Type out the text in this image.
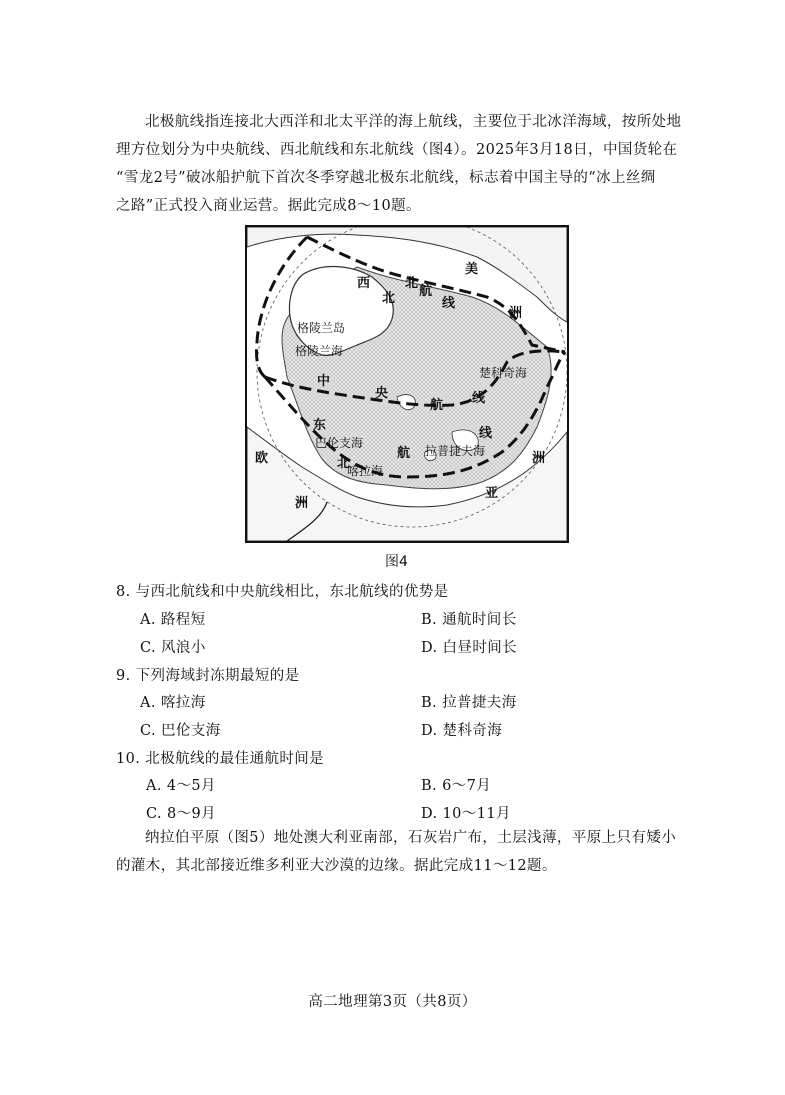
北极航线指连接北大西洋和北太平洋的海上航线，主要位于北冰洋海域，按所处地
理方位划分为中央航线、西北航线和东北航线（图4）。2025年3月18日，中国货轮在
“雪龙2号”破冰船护航下首次冬季穿越北极东北航线，标志着中国主导的“冰上丝绸
之路”正式投入商业运营。据此完成8～10题。
北
美
洲
西
北 航
线
格陵兰岛
格陵兰海
中
央
航 线
楚科奇海
巴伦支海
喀拉海
拉普捷夫海
东
北
航
线
欧
洲
亚
洲
图4
8. 与西北航线和中央航线相比，东北航线的优势是
A. 路程短	B. 通航时间长
C. 风浪小	D. 白昼时间长
9. 下列海域封冻期最短的是
A. 喀拉海	B. 拉普捷夫海
C. 巴伦支海	D. 楚科奇海
10. 北极航线的最佳通航时间是
A. 4～5月	B. 6～7月
C. 8～9月	D. 10～11月
纳拉伯平原（图5）地处澳大利亚南部，石灰岩广布，土层浅薄，平原上只有矮小
的灌木，其北部接近维多利亚大沙漠的边缘。据此完成11～12题。
高二地理第3页（共8页）
